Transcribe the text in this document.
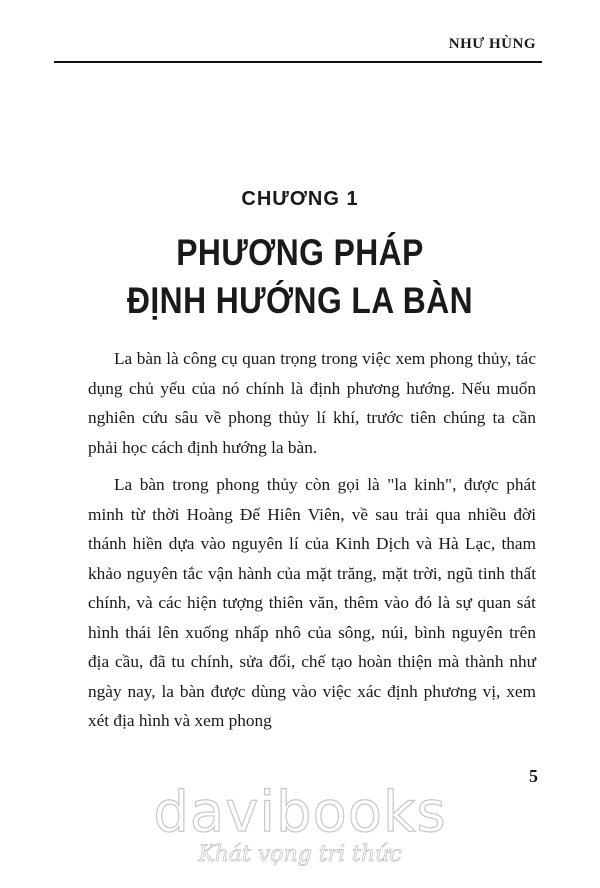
NHƯ HÙNG
CHƯƠNG 1
PHƯƠNG PHÁP
ĐỊNH HƯỚNG LA BÀN

La bàn là công cụ quan trọng trong việc xem phong thủy, tác dụng chủ yếu của nó chính là định phương hướng. Nếu muốn nghiên cứu sâu về phong thủy lí khí, trước tiên chúng ta cần phải học cách định hướng la bàn.

La bàn trong phong thủy còn gọi là "la kinh", được phát minh từ thời Hoàng Đế Hiên Viên, về sau trải qua nhiều đời thánh hiền dựa vào nguyên lí của Kinh Dịch và Hà Lạc, tham khảo nguyên tắc vận hành của mặt trăng, mặt trời, ngũ tinh thất chính, và các hiện tượng thiên văn, thêm vào đó là sự quan sát hình thái lên xuống nhấp nhô của sông, núi, bình nguyên trên địa cầu, đã tu chính, sửa đổi, chế tạo hoàn thiện mà thành như ngày nay, la bàn được dùng vào việc xác định phương vị, xem xét địa hình và xem phong

5
davibooks
Khát vọng tri thức
